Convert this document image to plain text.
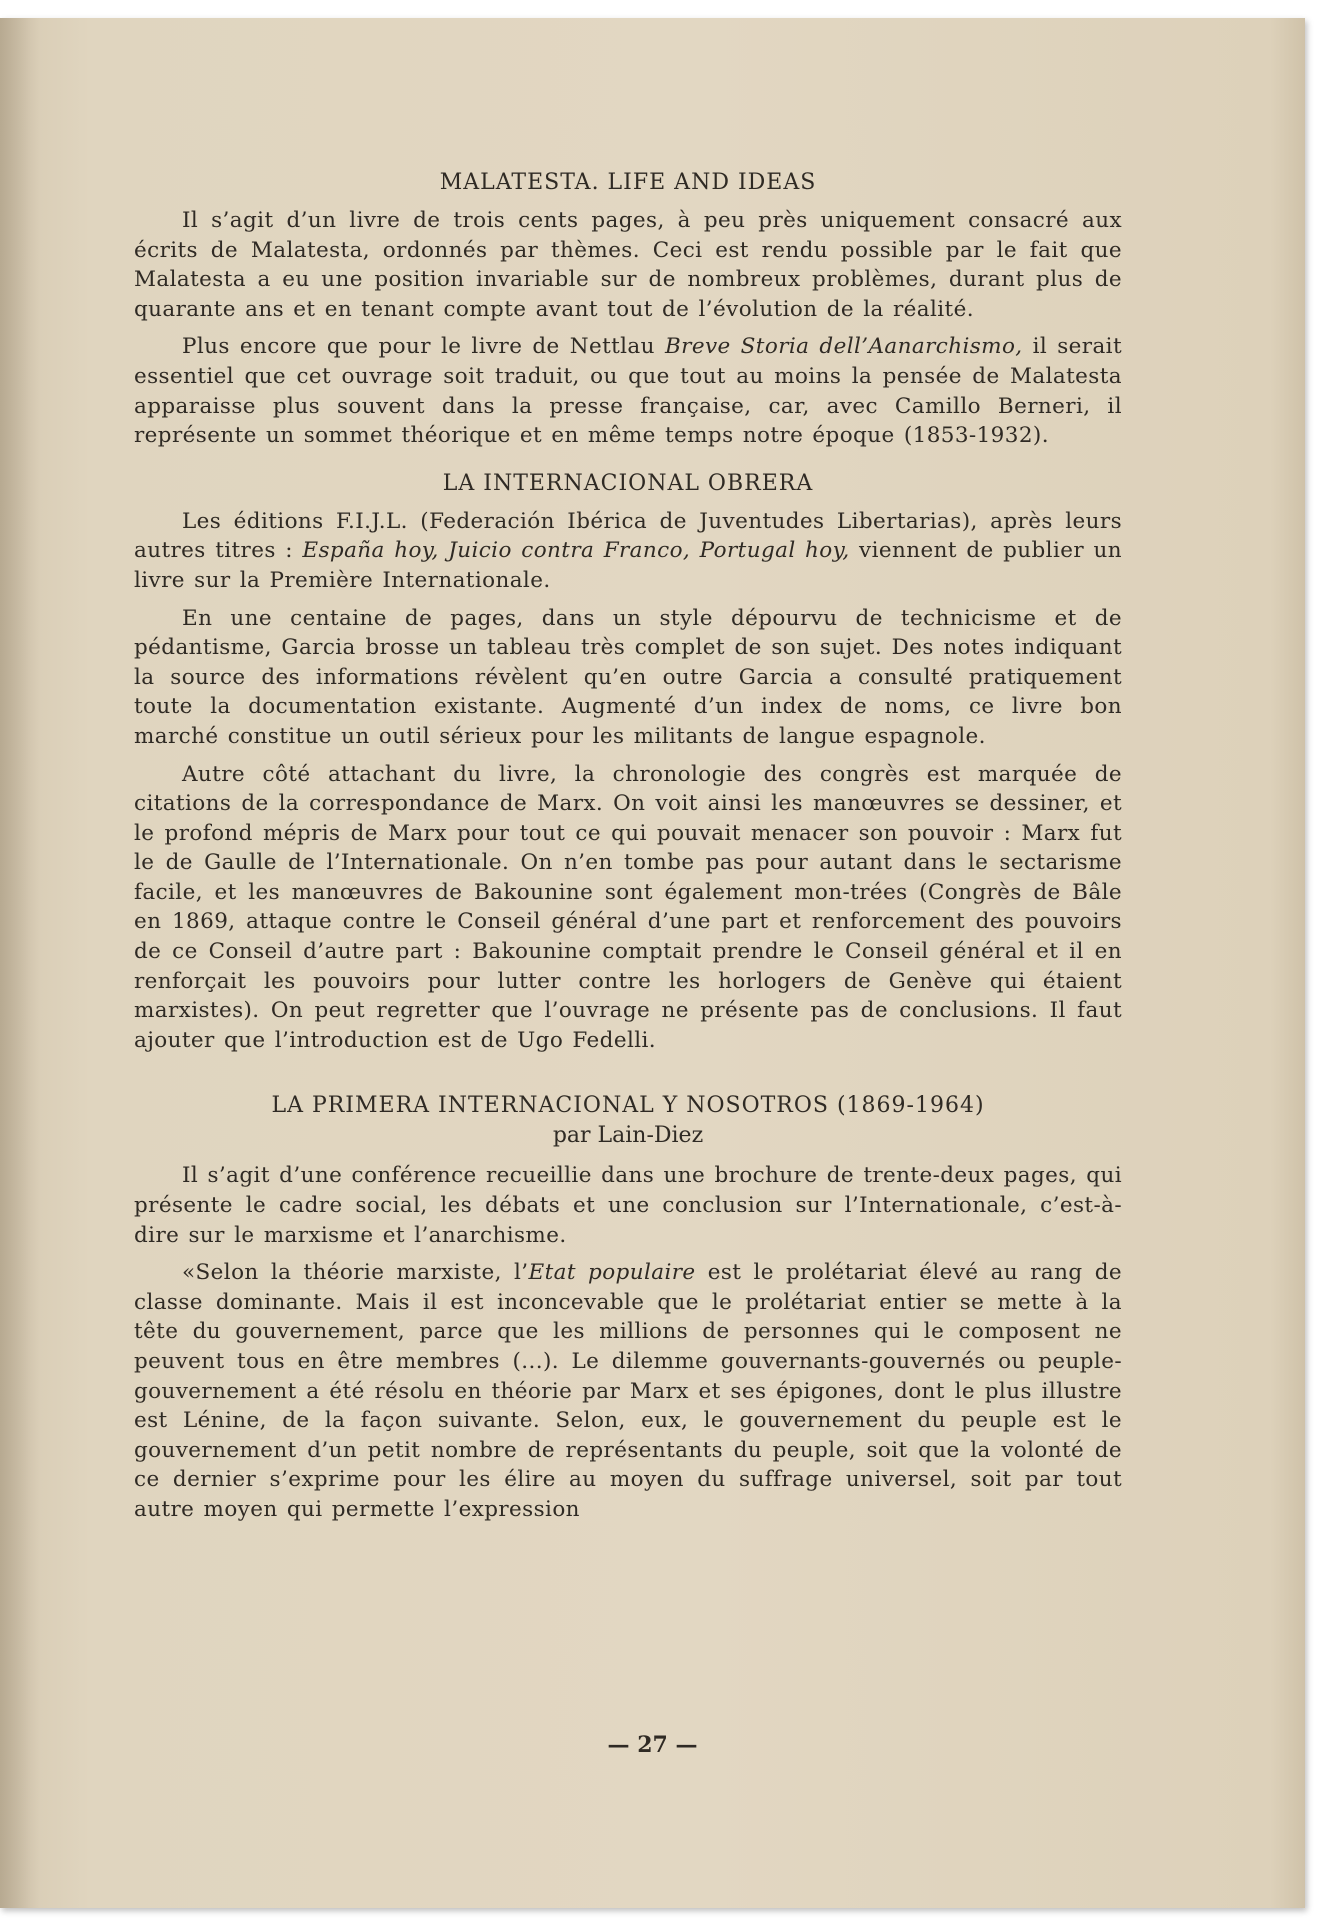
MALATESTA. LIFE AND IDEAS

Il s’agit d’un livre de trois cents pages, à peu près uniquement consacré aux écrits de Malatesta, ordonnés par thèmes. Ceci est rendu possible par le fait que Malatesta a eu une position invariable sur de nombreux problèmes, durant plus de quarante ans et en tenant compte avant tout de l’évolution de la réalité.

Plus encore que pour le livre de Nettlau Breve Storia dell’Aanarchismo, il serait essentiel que cet ouvrage soit traduit, ou que tout au moins la pensée de Malatesta apparaisse plus souvent dans la presse française, car, avec Camillo Berneri, il représente un sommet théorique et en même temps notre époque (1853-1932).

LA INTERNACIONAL OBRERA

Les éditions F.I.J.L. (Federación Ibérica de Juventudes Libertarias), après leurs autres titres : España hoy, Juicio contra Franco, Portugal hoy, viennent de publier un livre sur la Première Internationale.

En une centaine de pages, dans un style dépourvu de technicisme et de pédantisme, Garcia brosse un tableau très complet de son sujet. Des notes indiquant la source des informations révèlent qu’en outre Garcia a consulté pratiquement toute la documentation existante. Augmenté d’un index de noms, ce livre bon marché constitue un outil sérieux pour les militants de langue espagnole.

Autre côté attachant du livre, la chronologie des congrès est marquée de citations de la correspondance de Marx. On voit ainsi les manœuvres se dessiner, et le profond mépris de Marx pour tout ce qui pouvait menacer son pouvoir : Marx fut le de Gaulle de l’Internationale. On n’en tombe pas pour autant dans le sectarisme facile, et les manœuvres de Bakounine sont également mon-trées (Congrès de Bâle en 1869, attaque contre le Conseil général d’une part et renforcement des pouvoirs de ce Conseil d’autre part : Bakounine comptait prendre le Conseil général et il en renforçait les pouvoirs pour lutter contre les horlogers de Genève qui étaient marxistes). On peut regretter que l’ouvrage ne présente pas de conclusions. Il faut ajouter que l’introduction est de Ugo Fedelli.

LA PRIMERA INTERNACIONAL Y NOSOTROS (1869-1964)
par Lain-Diez

Il s’agit d’une conférence recueillie dans une brochure de trente-deux pages, qui présente le cadre social, les débats et une conclusion sur l’Internationale, c’est-à-dire sur le marxisme et l’anarchisme.

«Selon la théorie marxiste, l’Etat populaire est le prolétariat élevé au rang de classe dominante. Mais il est inconcevable que le prolétariat entier se mette à la tête du gouvernement, parce que les millions de personnes qui le composent ne peuvent tous en être membres (...). Le dilemme gouvernants-gouvernés ou peuple-gouvernement a été résolu en théorie par Marx et ses épigones, dont le plus illustre est Lénine, de la façon suivante. Selon, eux, le gouvernement du peuple est le gouvernement d’un petit nombre de représentants du peuple, soit que la volonté de ce dernier s’exprime pour les élire au moyen du suffrage universel, soit par tout autre moyen qui permette l’expression

— 27 —
